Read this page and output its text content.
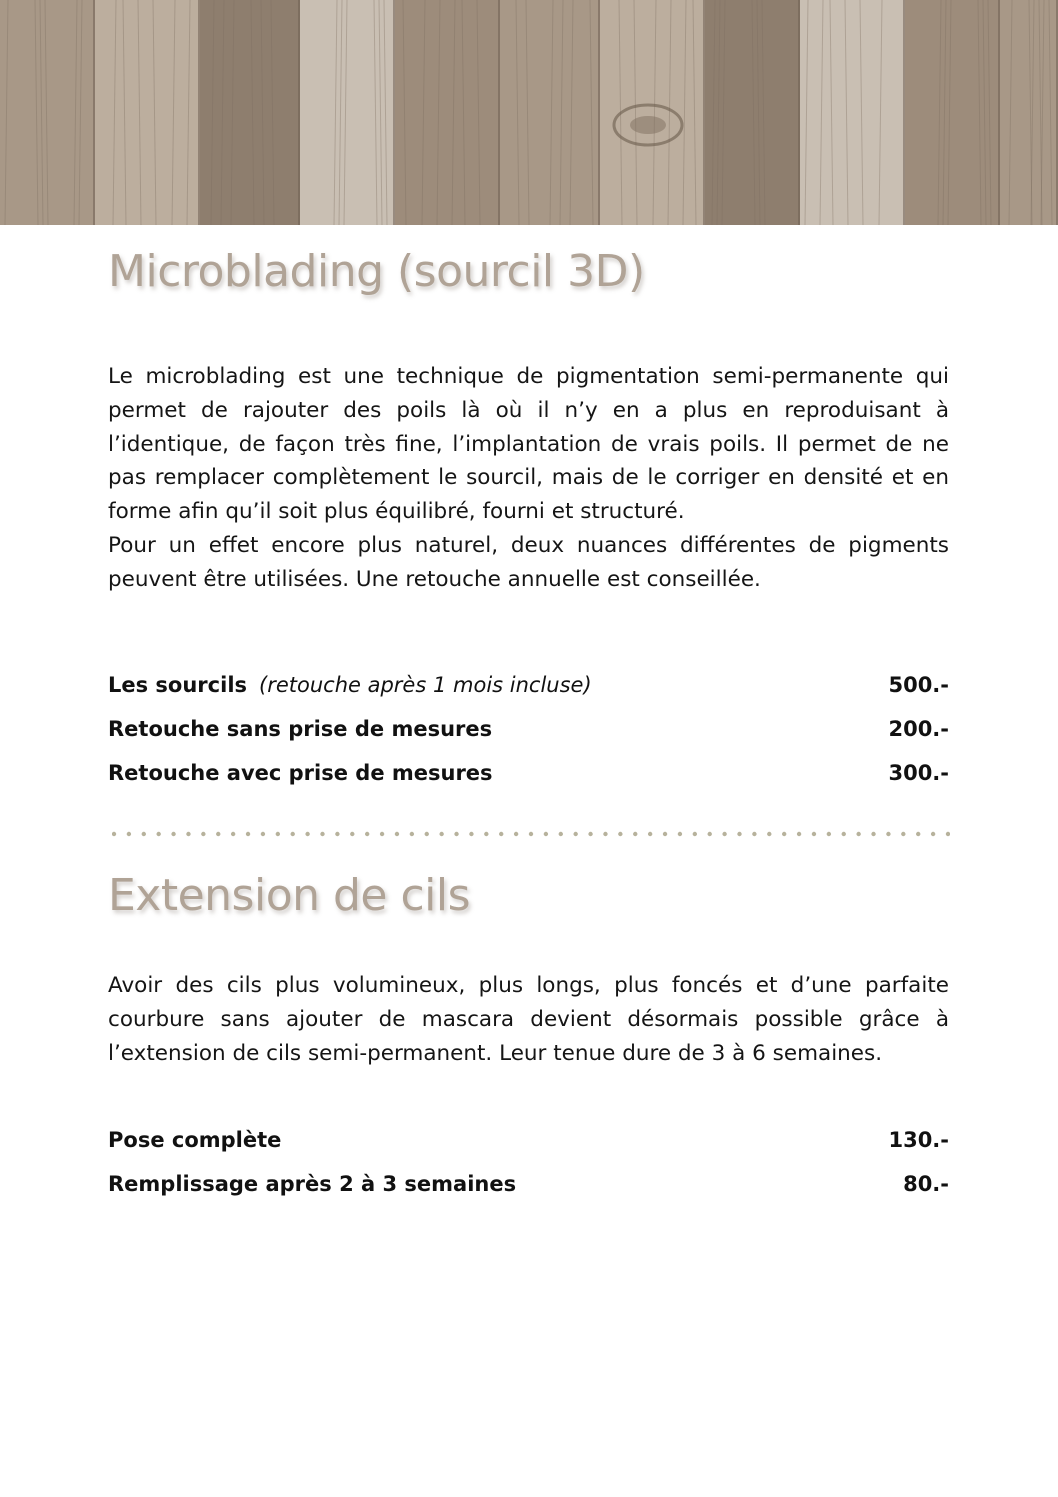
Microblading (sourcil 3D)

Le microblading est une technique de pigmentation semi-permanente qui permet de rajouter des poils là où il n’y en a plus en reproduisant à l’identique, de façon très fine, l’implantation de vrais poils. Il permet de ne pas remplacer complètement le sourcil, mais de le corriger en densité et en forme afin qu’il soit plus équilibré, fourni et structuré.

Pour un effet encore plus naturel, deux nuances différentes de pigments peuvent être utilisées. Une retouche annuelle est conseillée.

Les sourcils (retouche après 1 mois incluse)	500.-
Retouche sans prise de mesures	200.-
Retouche avec prise de mesures	300.-
Extension de cils

Avoir des cils plus volumineux, plus longs, plus foncés et d’une parfaite courbure sans ajouter de mascara devient désormais possible grâce à l’extension de cils semi-permanent. Leur tenue dure de 3 à 6 semaines.

Pose complète	130.-
Remplissage après 2 à 3 semaines	80.-
